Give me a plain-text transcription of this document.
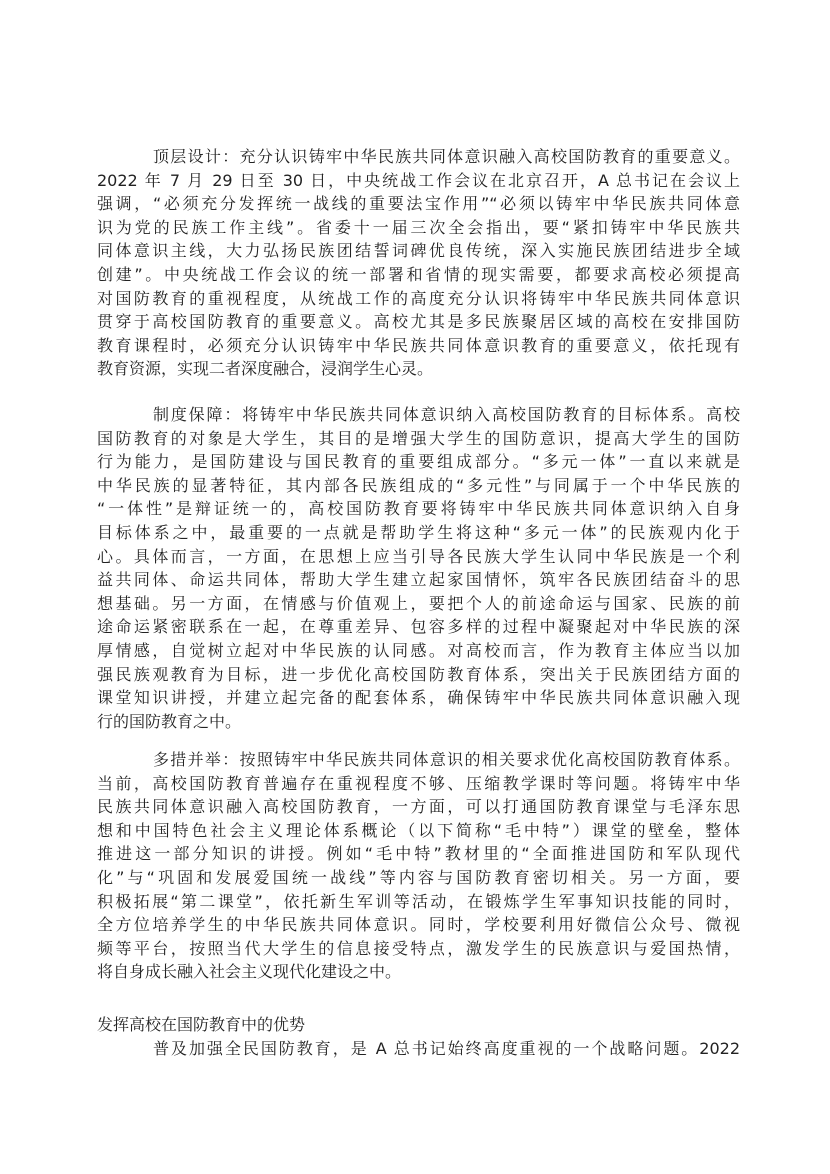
顶层设计：充分认识铸牢中华民族共同体意识融入高校国防教育的重要意义。
2022 年 7 月 29 日至 30 日，中央统战工作会议在北京召开，A 总书记在会议上
强调，“必须充分发挥统一战线的重要法宝作用”“必须以铸牢中华民族共同体意
识为党的民族工作主线”。省委十一届三次全会指出，要“紧扣铸牢中华民族共
同体意识主线，大力弘扬民族团结誓词碑优良传统，深入实施民族团结进步全域
创建”。中央统战工作会议的统一部署和省情的现实需要，都要求高校必须提高
对国防教育的重视程度，从统战工作的高度充分认识将铸牢中华民族共同体意识
贯穿于高校国防教育的重要意义。高校尤其是多民族聚居区域的高校在安排国防
教育课程时，必须充分认识铸牢中华民族共同体意识教育的重要意义，依托现有
教育资源，实现二者深度融合，浸润学生心灵。
制度保障：将铸牢中华民族共同体意识纳入高校国防教育的目标体系。高校
国防教育的对象是大学生，其目的是增强大学生的国防意识，提高大学生的国防
行为能力，是国防建设与国民教育的重要组成部分。“多元一体”一直以来就是
中华民族的显著特征，其内部各民族组成的“多元性”与同属于一个中华民族的
“一体性”是辩证统一的，高校国防教育要将铸牢中华民族共同体意识纳入自身
目标体系之中，最重要的一点就是帮助学生将这种“多元一体”的民族观内化于
心。具体而言，一方面，在思想上应当引导各民族大学生认同中华民族是一个利
益共同体、命运共同体，帮助大学生建立起家国情怀，筑牢各民族团结奋斗的思
想基础。另一方面，在情感与价值观上，要把个人的前途命运与国家、民族的前
途命运紧密联系在一起，在尊重差异、包容多样的过程中凝聚起对中华民族的深
厚情感，自觉树立起对中华民族的认同感。对高校而言，作为教育主体应当以加
强民族观教育为目标，进一步优化高校国防教育体系，突出关于民族团结方面的
课堂知识讲授，并建立起完备的配套体系，确保铸牢中华民族共同体意识融入现
行的国防教育之中。
多措并举：按照铸牢中华民族共同体意识的相关要求优化高校国防教育体系。
当前，高校国防教育普遍存在重视程度不够、压缩教学课时等问题。将铸牢中华
民族共同体意识融入高校国防教育，一方面，可以打通国防教育课堂与毛泽东思
想和中国特色社会主义理论体系概论（以下简称“毛中特”）课堂的壁垒，整体
推进这一部分知识的讲授。例如“毛中特”教材里的“全面推进国防和军队现代
化”与“巩固和发展爱国统一战线”等内容与国防教育密切相关。另一方面，要
积极拓展“第二课堂”，依托新生军训等活动，在锻炼学生军事知识技能的同时，
全方位培养学生的中华民族共同体意识。同时，学校要利用好微信公众号、微视
频等平台，按照当代大学生的信息接受特点，激发学生的民族意识与爱国热情，
将自身成长融入社会主义现代化建设之中。
发挥高校在国防教育中的优势
普及加强全民国防教育，是 A 总书记始终高度重视的一个战略问题。2022
